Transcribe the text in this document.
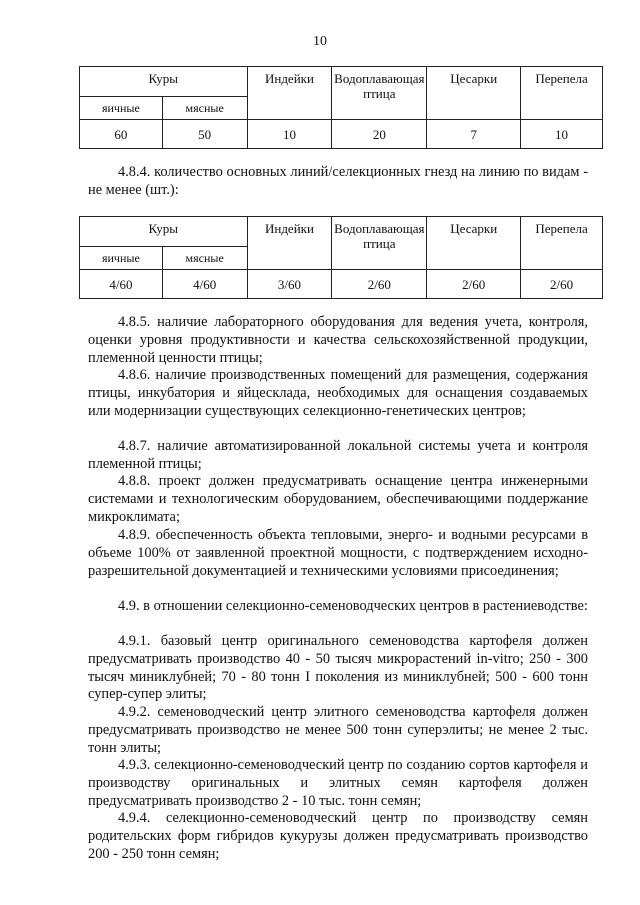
10
Куры		Индейки	Водоплавающая птица	Цесарки	Перепела
яичные	мясные				
60	50	10	20	7	10

4.8.4. количество основных линий/селекционных гнезд на линию по видам - не менее (шт.):

Куры		Индейки	Водоплавающая птица	Цесарки	Перепела
яичные	мясные				
4/60	4/60	3/60	2/60	2/60	2/60

4.8.5. наличие лабораторного оборудования для ведения учета, контроля, оценки уровня продуктивности и качества сельскохозяйственной продукции, племенной ценности птицы;

4.8.6. наличие производственных помещений для размещения, содержания птицы, инкубатория и яйцесклада, необходимых для оснащения создаваемых или модернизации существующих селекционно-генетических центров;

4.8.7. наличие автоматизированной локальной системы учета и контроля племенной птицы;

4.8.8. проект должен предусматривать оснащение центра инженерными системами и технологическим оборудованием, обеспечивающими поддержание микроклимата;

4.8.9. обеспеченность объекта тепловыми, энерго- и водными ресурсами в объеме 100% от заявленной проектной мощности, с подтверждением исходно-разрешительной документацией и техническими условиями присоединения;

4.9. в отношении селекционно-семеноводческих центров в растениеводстве:

4.9.1. базовый центр оригинального семеноводства картофеля должен предусматривать производство 40 - 50 тысяч микрорастений in-vitro; 250 - 300 тысяч миниклубней; 70 - 80 тонн I поколения из миниклубней; 500 - 600 тонн супер-супер элиты;

4.9.2. семеноводческий центр элитного семеноводства картофеля должен предусматривать производство не менее 500 тонн суперэлиты; не менее 2 тыс. тонн элиты;

4.9.3. селекционно-семеноводческий центр по созданию сортов картофеля и производству оригинальных и элитных семян картофеля должен предусматривать производство 2 - 10 тыс. тонн семян;

4.9.4. селекционно-семеноводческий центр по производству семян родительских форм гибридов кукурузы должен предусматривать производство 200 - 250 тонн семян;
